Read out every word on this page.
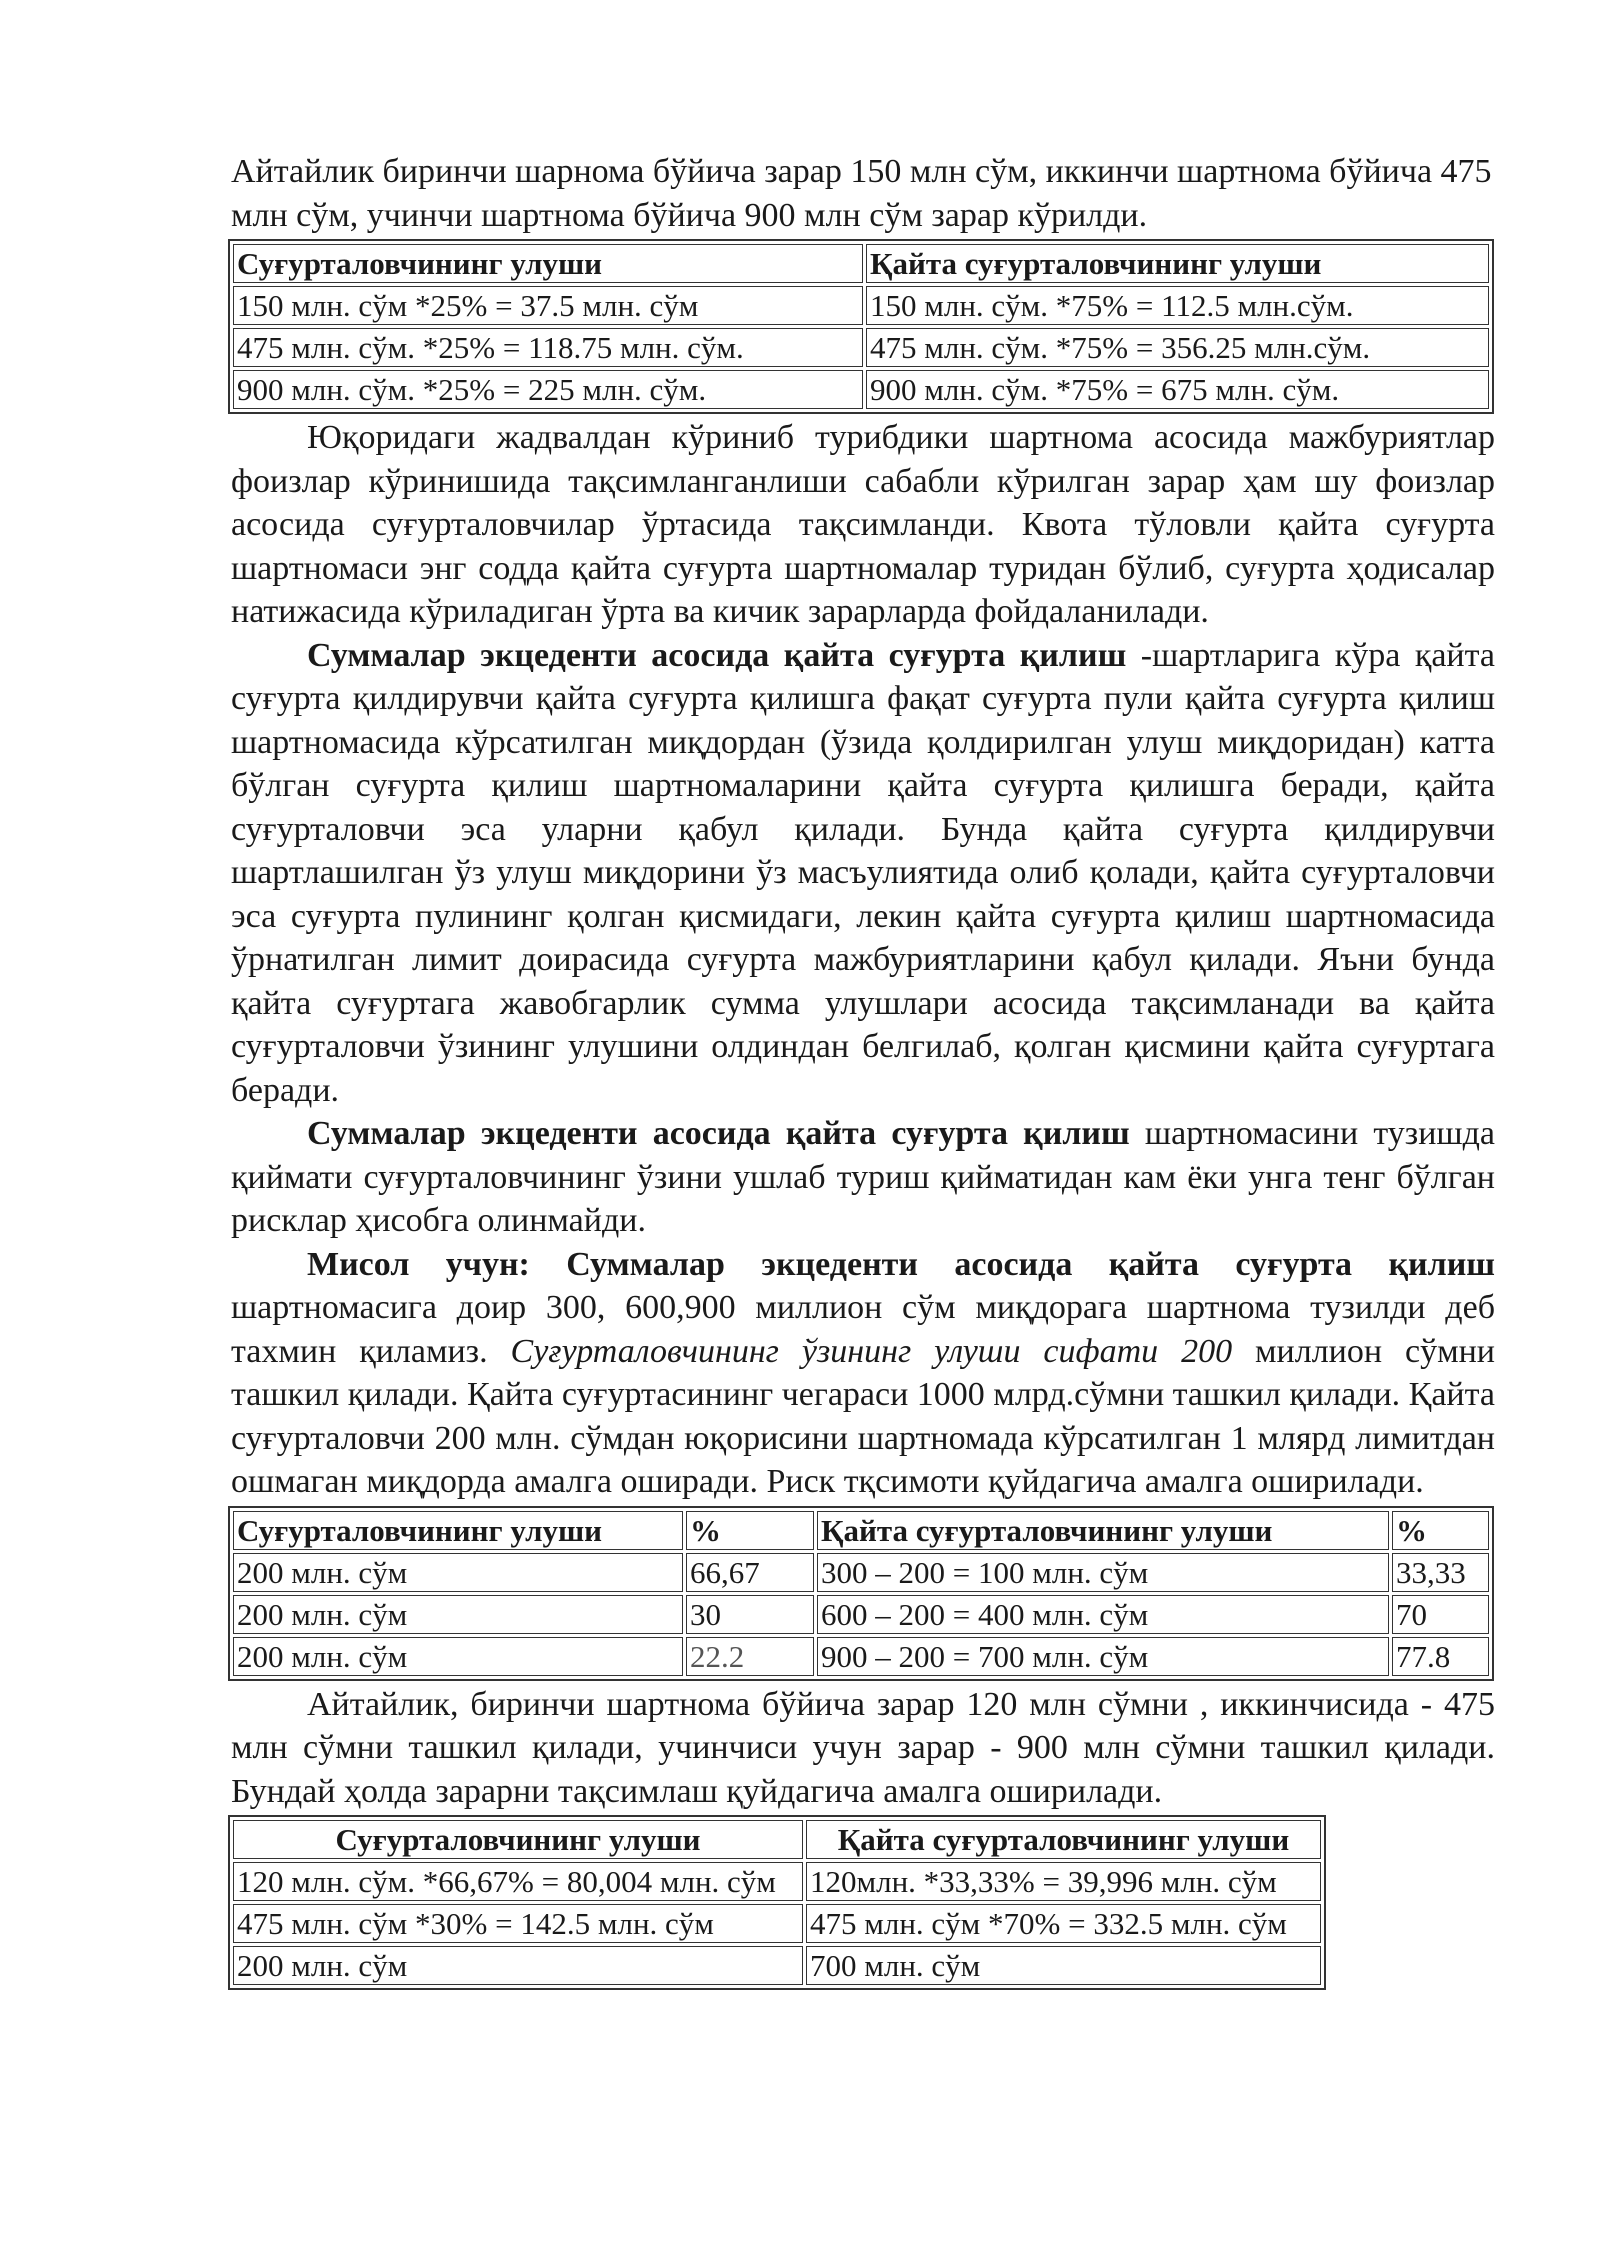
Айтайлик биринчи шарнома бўйича зарар 150 млн сўм, иккинчи шартнома бўйича 475 млн сўм, учинчи шартнома бўйича 900 млн сўм зарар кўрилди.

Суғурталовчининг улуши	Қайта суғурталовчининг улуши
150 млн. сўм *25% = 37.5 млн. сўм	150 млн. сўм. *75% = 112.5 млн.сўм.
475 млн. сўм. *25% = 118.75 млн. сўм.	475 млн. сўм. *75% = 356.25 млн.сўм.
900 млн. сўм. *25% = 225 млн. сўм.	900 млн. сўм. *75% = 675 млн. сўм.

Юқоридаги жадвалдан кўриниб турибдики шартнома асосида мажбуриятлар фоизлар кўринишида тақсимланганлиши сабабли кўрилган зарар ҳам шу фоизлар асосида суғурталовчилар ўртасида тақсимланди. Квота тўловли қайта суғурта шартномаси энг содда қайта суғурта шартномалар туридан бўлиб, суғурта ҳодисалар натижасида кўриладиган ўрта ва кичик зарарларда фойдаланилади.

Суммалар экцеденти асосида қайта суғурта қилиш -шартларига кўра қайта суғурта қилдирувчи қайта суғурта қилишга фақат суғурта пули қайта суғурта қилиш шартномасида кўрсатилган миқдордан (ўзида қолдирилган улуш миқдоридан) катта бўлган суғурта қилиш шартномаларини қайта суғурта қилишга беради, қайта суғурталовчи эса уларни қабул қилади. Бунда қайта суғурта қилдирувчи шартлашилган ўз улуш миқдорини ўз масъулиятида олиб қолади, қайта суғурталовчи эса суғурта пулининг қолган қисмидаги, лекин қайта суғурта қилиш шартномасида ўрнатилган лимит доирасида суғурта мажбуриятларини қабул қилади. Яъни бунда қайта суғуртага жавобгарлик сумма улушлари асосида тақсимланади ва қайта суғурталовчи ўзининг улушини олдиндан белгилаб, қолган қисмини қайта суғуртага беради.

Суммалар экцеденти асосида қайта суғурта қилиш шартномасини тузишда қиймати суғурталовчининг ўзини ушлаб туриш қийматидан кам ёки унга тенг бўлган рисклар ҳисобга олинмайди.

Мисол учун: Суммалар экцеденти асосида қайта суғурта қилиш шартномасига доир 300, 600,900 миллион сўм миқдорага шартнома тузилди деб тахмин қиламиз. Суғурталовчининг ўзининг улуши сифати 200 миллион сўмни ташкил қилади. Қайта суғуртасининг чегараси 1000 млрд.сўмни ташкил қилади. Қайта суғурталовчи 200 млн. сўмдан юқорисини шартномада кўрсатилган 1 млярд лимитдан ошмаган миқдорда амалга оширади. Риск тқсимоти қуйдагича амалга оширилади.

Суғурталовчининг улуши	%	Қайта суғурталовчининг улуши	%
200 млн. сўм	66,67	300 – 200 = 100 млн. сўм	33,33
200 млн. сўм	30	600 – 200 = 400 млн. сўм	70
200 млн. сўм	22.2	900 – 200 = 700 млн. сўм	77.8

Айтайлик, биринчи шартнома бўйича зарар 120 млн сўмни , иккинчисида - 475 млн сўмни ташкил қилади, учинчиси учун зарар - 900 млн сўмни ташкил қилади. Бундай ҳолда зарарни тақсимлаш қуйдагича амалга оширилади.

Суғурталовчининг улуши	Қайта суғурталовчининг улуши
120 млн. сўм. *66,67% = 80,004 млн. сўм	120млн. *33,33% = 39,996 млн. сўм
475 млн. сўм *30% = 142.5 млн. сўм	475 млн. сўм *70% = 332.5 млн. сўм
200 млн. сўм	700 млн. сўм
